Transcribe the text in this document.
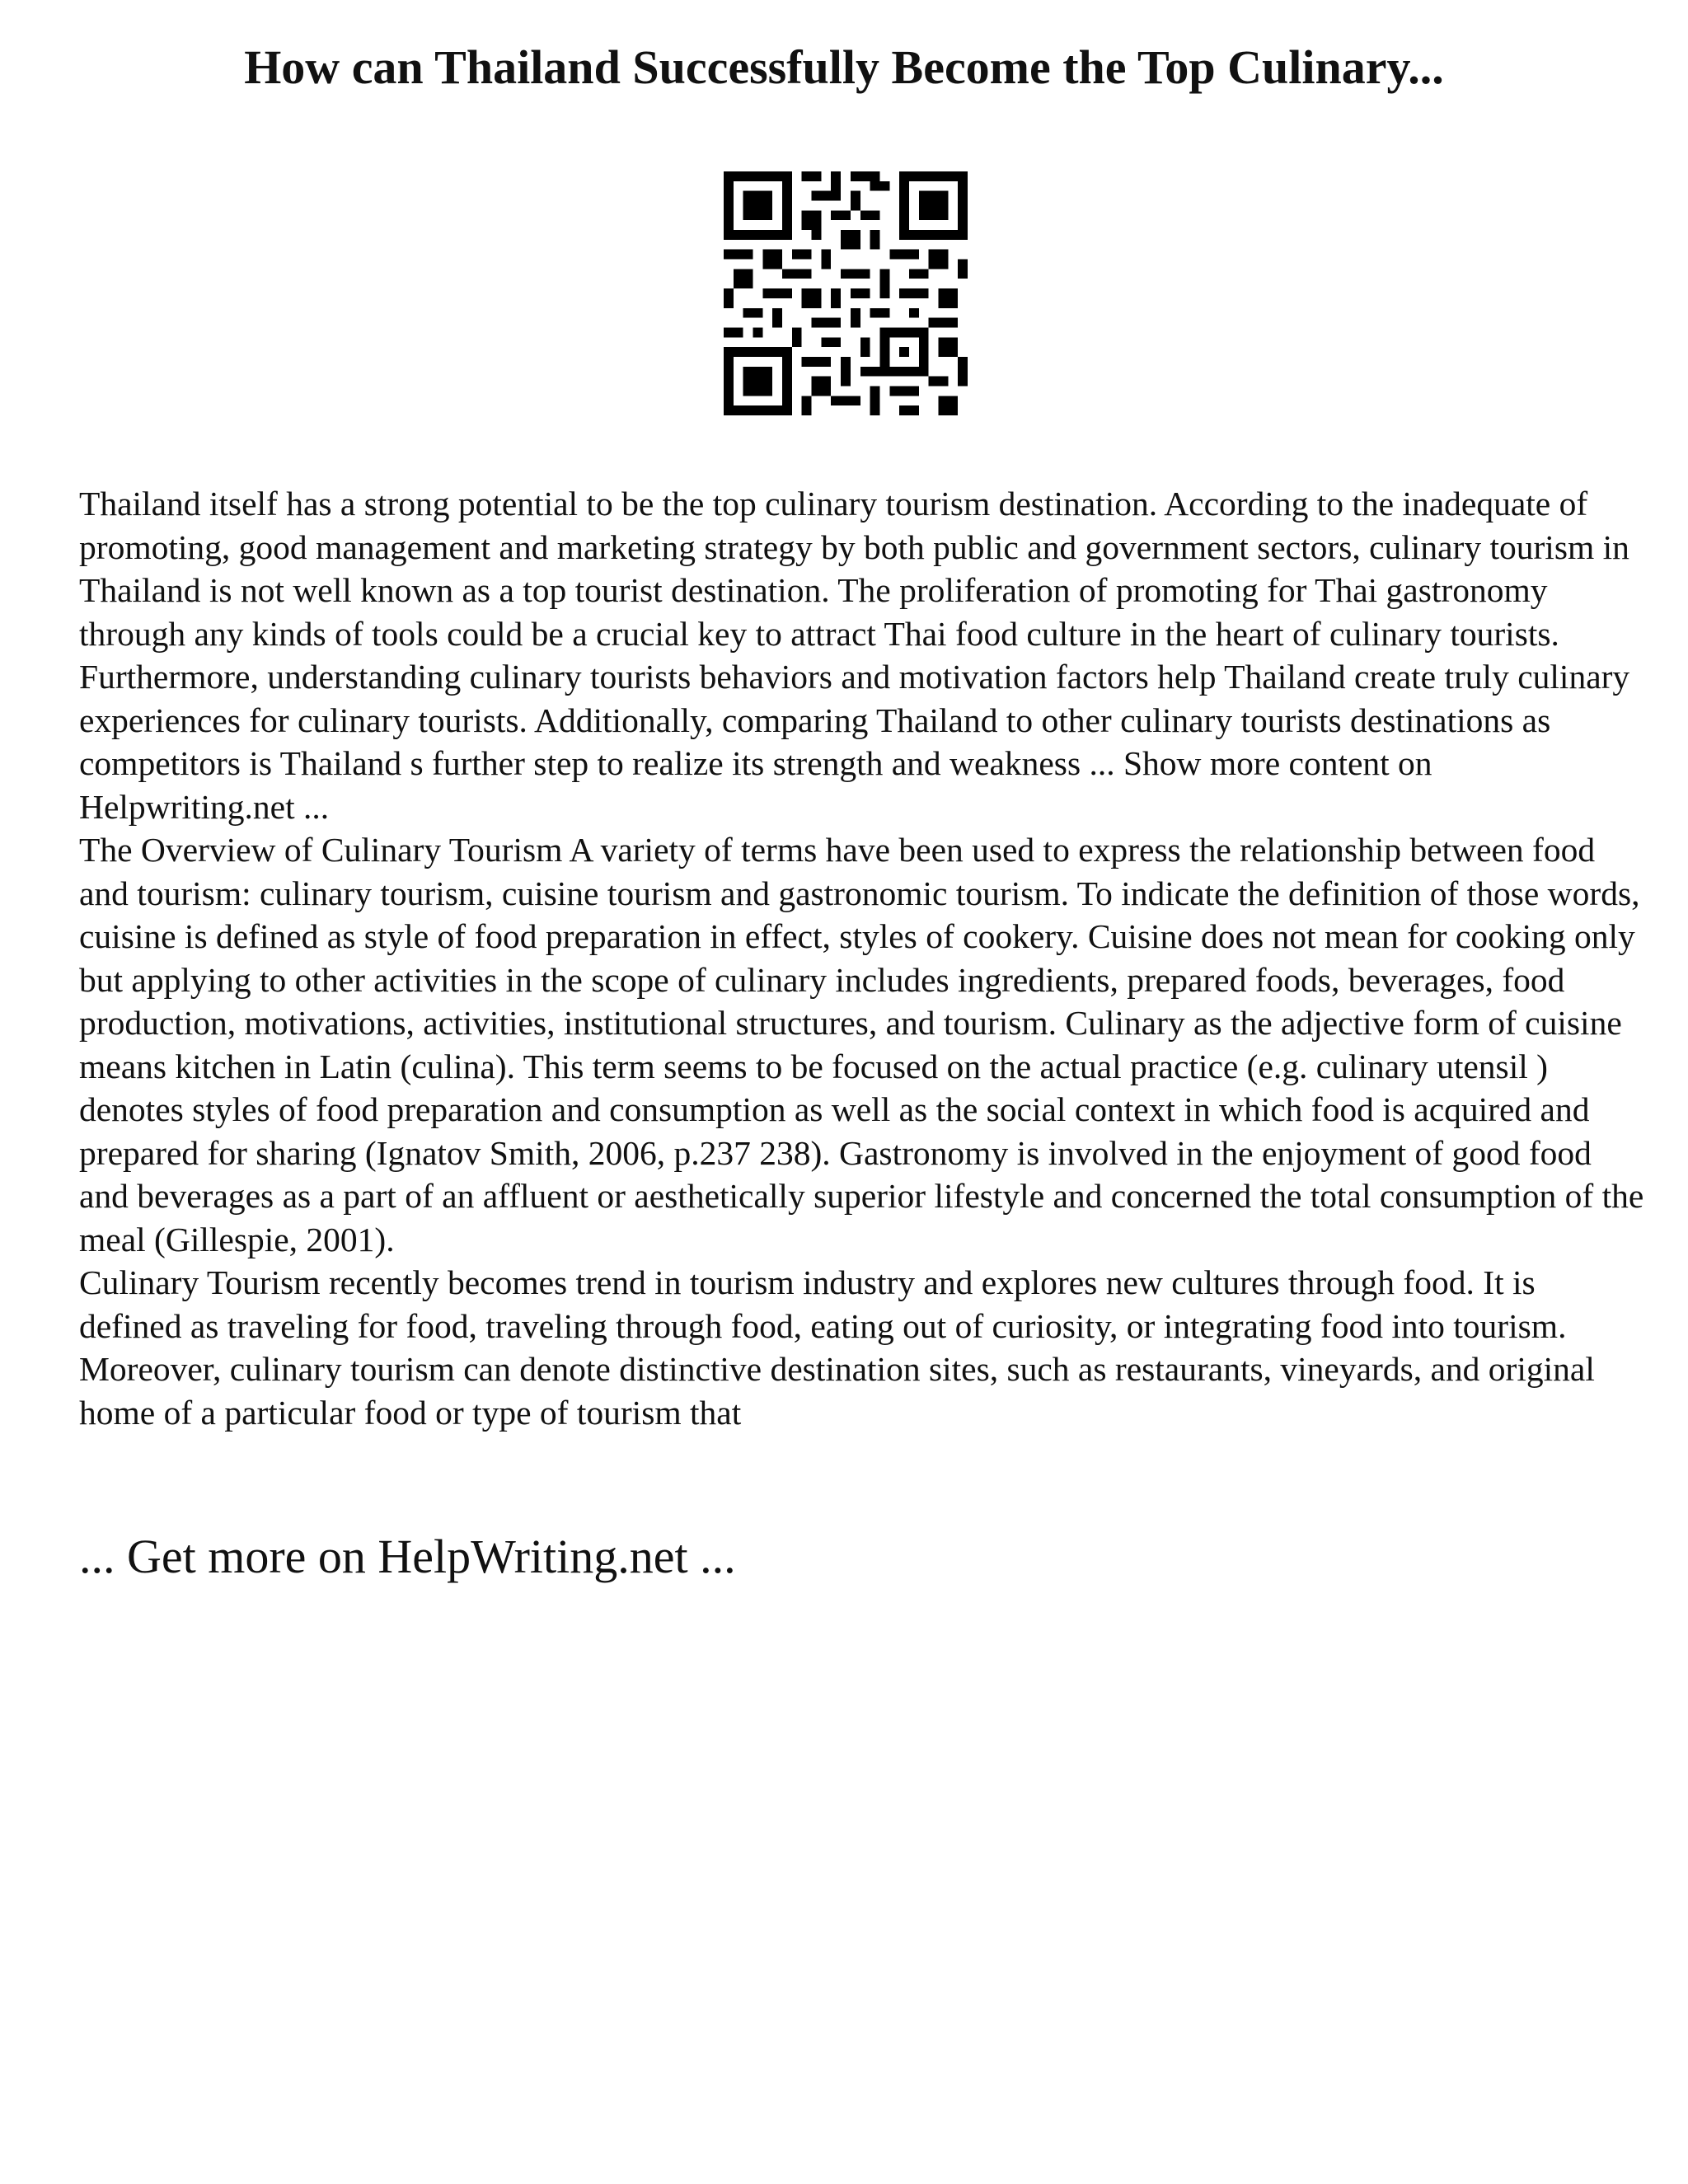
How can Thailand Successfully Become the Top Culinary...

Thailand itself has a strong potential to be the top culinary tourism destination. According to the inadequate of promoting, good management and marketing strategy by both public and government sectors, culinary tourism in Thailand is not well known as a top tourist destination. The proliferation of promoting for Thai gastronomy through any kinds of tools could be a crucial key to attract Thai food culture in the heart of culinary tourists. Furthermore, understanding culinary tourists behaviors and motivation factors help Thailand create truly culinary experiences for culinary tourists. Additionally, comparing Thailand to other culinary tourists destinations as competitors is Thailand s further step to realize its strength and weakness ... Show more content on Helpwriting.net ...

The Overview of Culinary Tourism A variety of terms have been used to express the relationship between food and tourism: culinary tourism, cuisine tourism and gastronomic tourism. To indicate the definition of those words, cuisine is defined as style of food preparation in effect, styles of cookery. Cuisine does not mean for cooking only but applying to other activities in the scope of culinary includes ingredients, prepared foods, beverages, food production, motivations, activities, institutional structures, and tourism. Culinary as the adjective form of cuisine means kitchen in Latin (culina). This term seems to be focused on the actual practice (e.g. culinary utensil ) denotes styles of food preparation and consumption as well as the social context in which food is acquired and prepared for sharing (Ignatov Smith, 2006, p.237 238). Gastronomy is involved in the enjoyment of good food and beverages as a part of an affluent or aesthetically superior lifestyle and concerned the total consumption of the meal (Gillespie, 2001).

Culinary Tourism recently becomes trend in tourism industry and explores new cultures through food. It is defined as traveling for food, traveling through food, eating out of curiosity, or integrating food into tourism. Moreover, culinary tourism can denote distinctive destination sites, such as restaurants, vineyards, and original home of a particular food or type of tourism that

... Get more on HelpWriting.net ...
